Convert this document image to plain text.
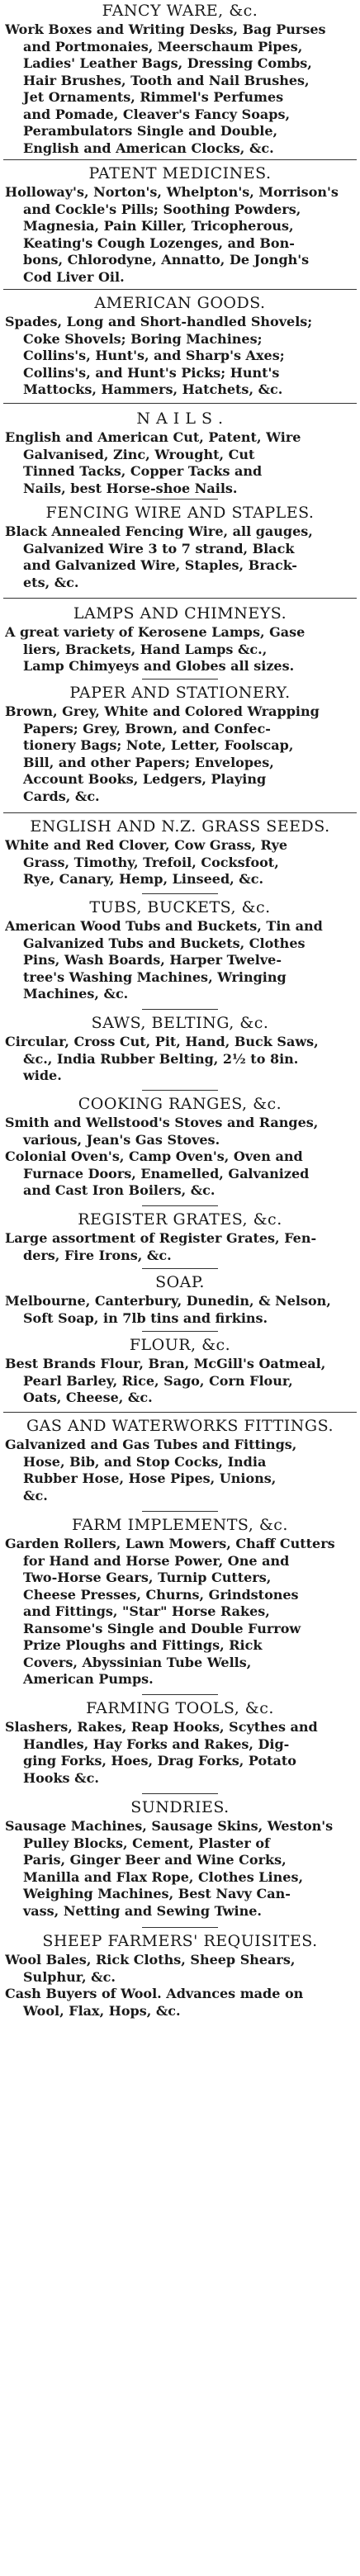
FANCY WARE, &c.
Work Boxes and Writing Desks, Bag Purses
and Portmonaies, Meerschaum Pipes,
Ladies' Leather Bags, Dressing Combs,
Hair Brushes, Tooth and Nail Brushes,
Jet Ornaments, Rimmel's Perfumes
and Pomade, Cleaver's Fancy Soaps,
Perambulators Single and Double,
English and American Clocks, &c.
PATENT MEDICINES.
Holloway's, Norton's, Whelpton's, Morrison's
and Cockle's Pills; Soothing Powders,
Magnesia, Pain Killer, Tricopherous,
Keating's Cough Lozenges, and Bon-
bons, Chlorodyne, Annatto, De Jongh's
Cod Liver Oil.
AMERICAN GOODS.
Spades, Long and Short-handled Shovels;
Coke Shovels; Boring Machines;
Collins's, Hunt's, and Sharp's Axes;
Collins's, and Hunt's Picks; Hunt's
Mattocks, Hammers, Hatchets, &c.
N A I L S .
English and American Cut, Patent, Wire
Galvanised, Zinc, Wrought, Cut
Tinned Tacks, Copper Tacks and
Nails, best Horse-shoe Nails.
FENCING WIRE AND STAPLES.
Black Annealed Fencing Wire, all gauges,
Galvanized Wire 3 to 7 strand, Black
and Galvanized Wire, Staples, Brack-
ets, &c.
LAMPS AND CHIMNEYS.
A great variety of Kerosene Lamps, Gase
liers, Brackets, Hand Lamps &c.,
Lamp Chimyeys and Globes all sizes.
PAPER AND STATIONERY.
Brown, Grey, White and Colored Wrapping
Papers; Grey, Brown, and Confec-
tionery Bags; Note, Letter, Foolscap,
Bill, and other Papers; Envelopes,
Account Books, Ledgers, Playing
Cards, &c.
ENGLISH AND N.Z. GRASS SEEDS.
White and Red Clover, Cow Grass, Rye
Grass, Timothy, Trefoil, Cocksfoot,
Rye, Canary, Hemp, Linseed, &c.
TUBS, BUCKETS, &c.
American Wood Tubs and Buckets, Tin and
Galvanized Tubs and Buckets, Clothes
Pins, Wash Boards, Harper Twelve-
tree's Washing Machines, Wringing
Machines, &c.
SAWS, BELTING, &c.
Circular, Cross Cut, Pit, Hand, Buck Saws,
&c., India Rubber Belting, 2½ to 8in.
wide.
COOKING RANGES, &c.
Smith and Wellstood's Stoves and Ranges,
various, Jean's Gas Stoves.
Colonial Oven's, Camp Oven's, Oven and
Furnace Doors, Enamelled, Galvanized
and Cast Iron Boilers, &c.
REGISTER GRATES, &c.
Large assortment of Register Grates, Fen-
ders, Fire Irons, &c.
SOAP.
Melbourne, Canterbury, Dunedin, & Nelson,
Soft Soap, in 7lb tins and firkins.
FLOUR, &c.
Best Brands Flour, Bran, McGill's Oatmeal,
Pearl Barley, Rice, Sago, Corn Flour,
Oats, Cheese, &c.
GAS AND WATERWORKS FITTINGS.
Galvanized and Gas Tubes and Fittings,
Hose, Bib, and Stop Cocks, India
Rubber Hose, Hose Pipes, Unions,
&c.
FARM IMPLEMENTS, &c.
Garden Rollers, Lawn Mowers, Chaff Cutters
for Hand and Horse Power, One and
Two-Horse Gears, Turnip Cutters,
Cheese Presses, Churns, Grindstones
and Fittings, "Star" Horse Rakes,
Ransome's Single and Double Furrow
Prize Ploughs and Fittings, Rick
Covers, Abyssinian Tube Wells,
American Pumps.
FARMING TOOLS, &c.
Slashers, Rakes, Reap Hooks, Scythes and
Handles, Hay Forks and Rakes, Dig-
ging Forks, Hoes, Drag Forks, Potato
Hooks &c.
SUNDRIES.
Sausage Machines, Sausage Skins, Weston's
Pulley Blocks, Cement, Plaster of
Paris, Ginger Beer and Wine Corks,
Manilla and Flax Rope, Clothes Lines,
Weighing Machines, Best Navy Can-
vass, Netting and Sewing Twine.
SHEEP FARMERS' REQUISITES.
Wool Bales, Rick Cloths, Sheep Shears,
Sulphur, &c.
Cash Buyers of Wool. Advances made on
Wool, Flax, Hops, &c.
